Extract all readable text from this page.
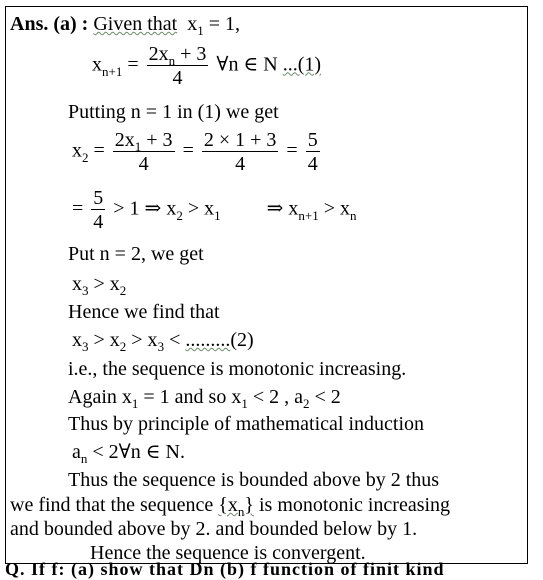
Ans. (a) : Given that  $x_1 = 1$,
$x_{n+1} = \frac{2x_n + 3}{4}$ ∀n ∈ N ...(1)
Putting n = 1 in (1) we get
$x_2 = \frac{2x_1 + 3}{4} = \frac{2 \times 1 + 3}{4} = \frac{5}{4}$
= $\frac{5}{4} > 1$ ⇒ $x_2 > x_1$ ⇒ $x_{n+1} > x_n$
Put n = 2, we get
$x_3 > x_2$
Hence we find that
$x_3 > x_2 > x_3 < .........(2)$
i.e., the sequence is monotonic increasing.
Again $x_1 = 1$ and so $x_1 < 2$ , $a_2 < 2$
Thus by principle of mathematical induction
$a_n$ < 2∀n ∈ N.
Thus the sequence is bounded above by 2 thus
we find that the sequence $\{x_n\}$ is monotonic increasing
and bounded above by 2. and bounded below by 1.
Hence the sequence is convergent.
Q. If f: (a) show that Dn (b) f function of finit kind
